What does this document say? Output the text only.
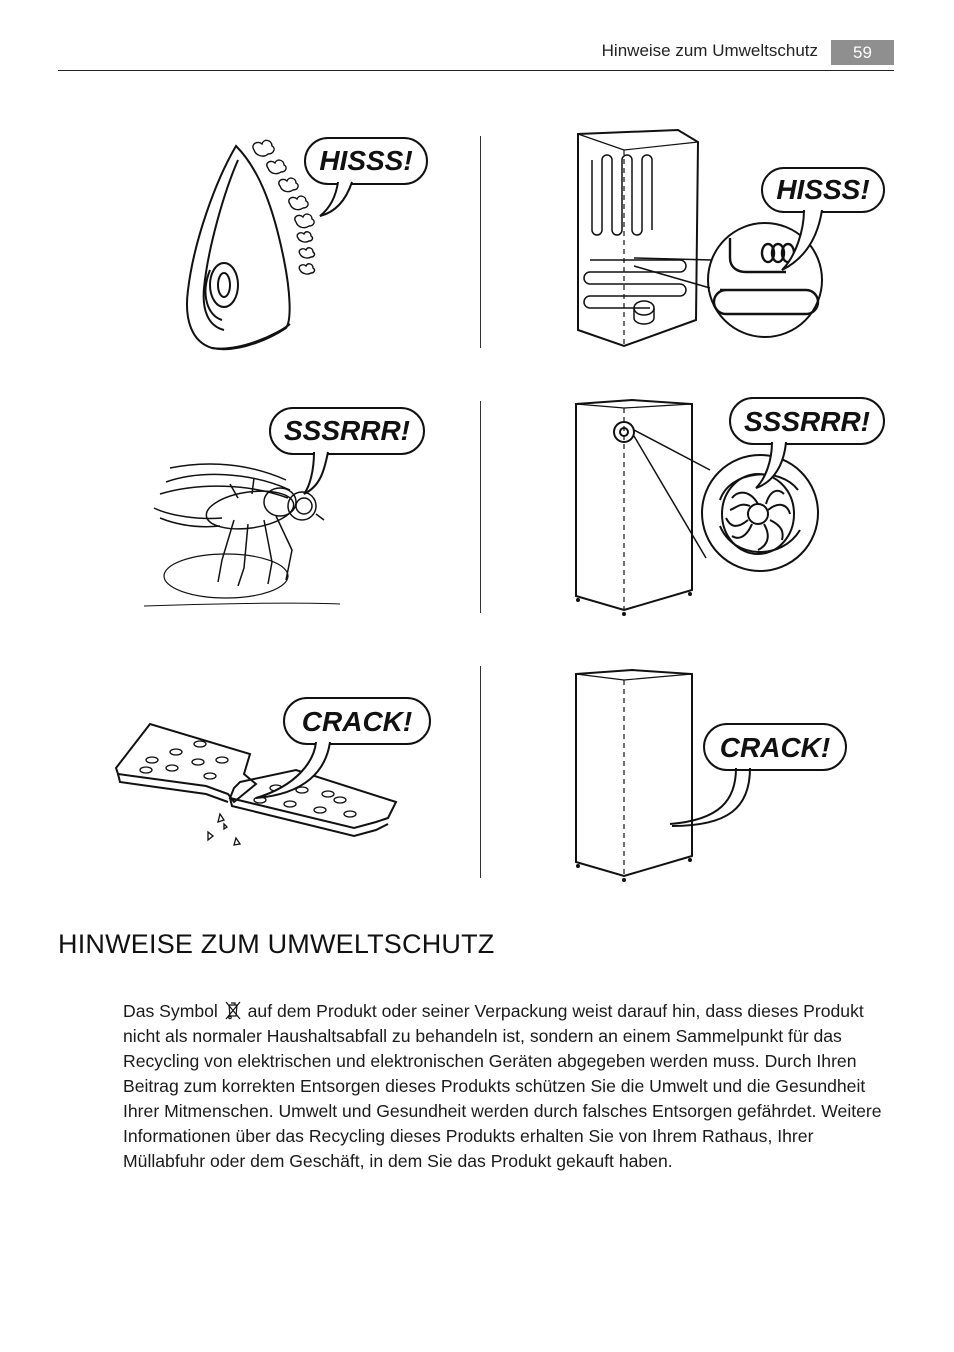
Hinweise zum Umweltschutz	59
HISSS!
HISSS!
SSSRRR!	SSSRRR!
CRACK!
CRACK!
HINWEISE ZUM UMWELTSCHUTZ

Das Symbol auf dem Produkt oder seiner Verpackung weist darauf hin, dass dieses Produkt nicht als normaler Haushaltsabfall zu behandeln ist, sondern an einem Sammelpunkt für das Recycling von elektrischen und elektronischen Geräten abgegeben werden muss. Durch Ihren Beitrag zum korrekten Entsorgen dieses Produkts schützen Sie die Umwelt und die Gesundheit Ihrer Mitmenschen. Umwelt und Gesundheit werden durch falsches Entsorgen gefährdet. Weitere Informationen über das Recycling dieses Produkts erhalten Sie von Ihrem Rathaus, Ihrer Müllabfuhr oder dem Geschäft, in dem Sie das Produkt gekauft haben.
